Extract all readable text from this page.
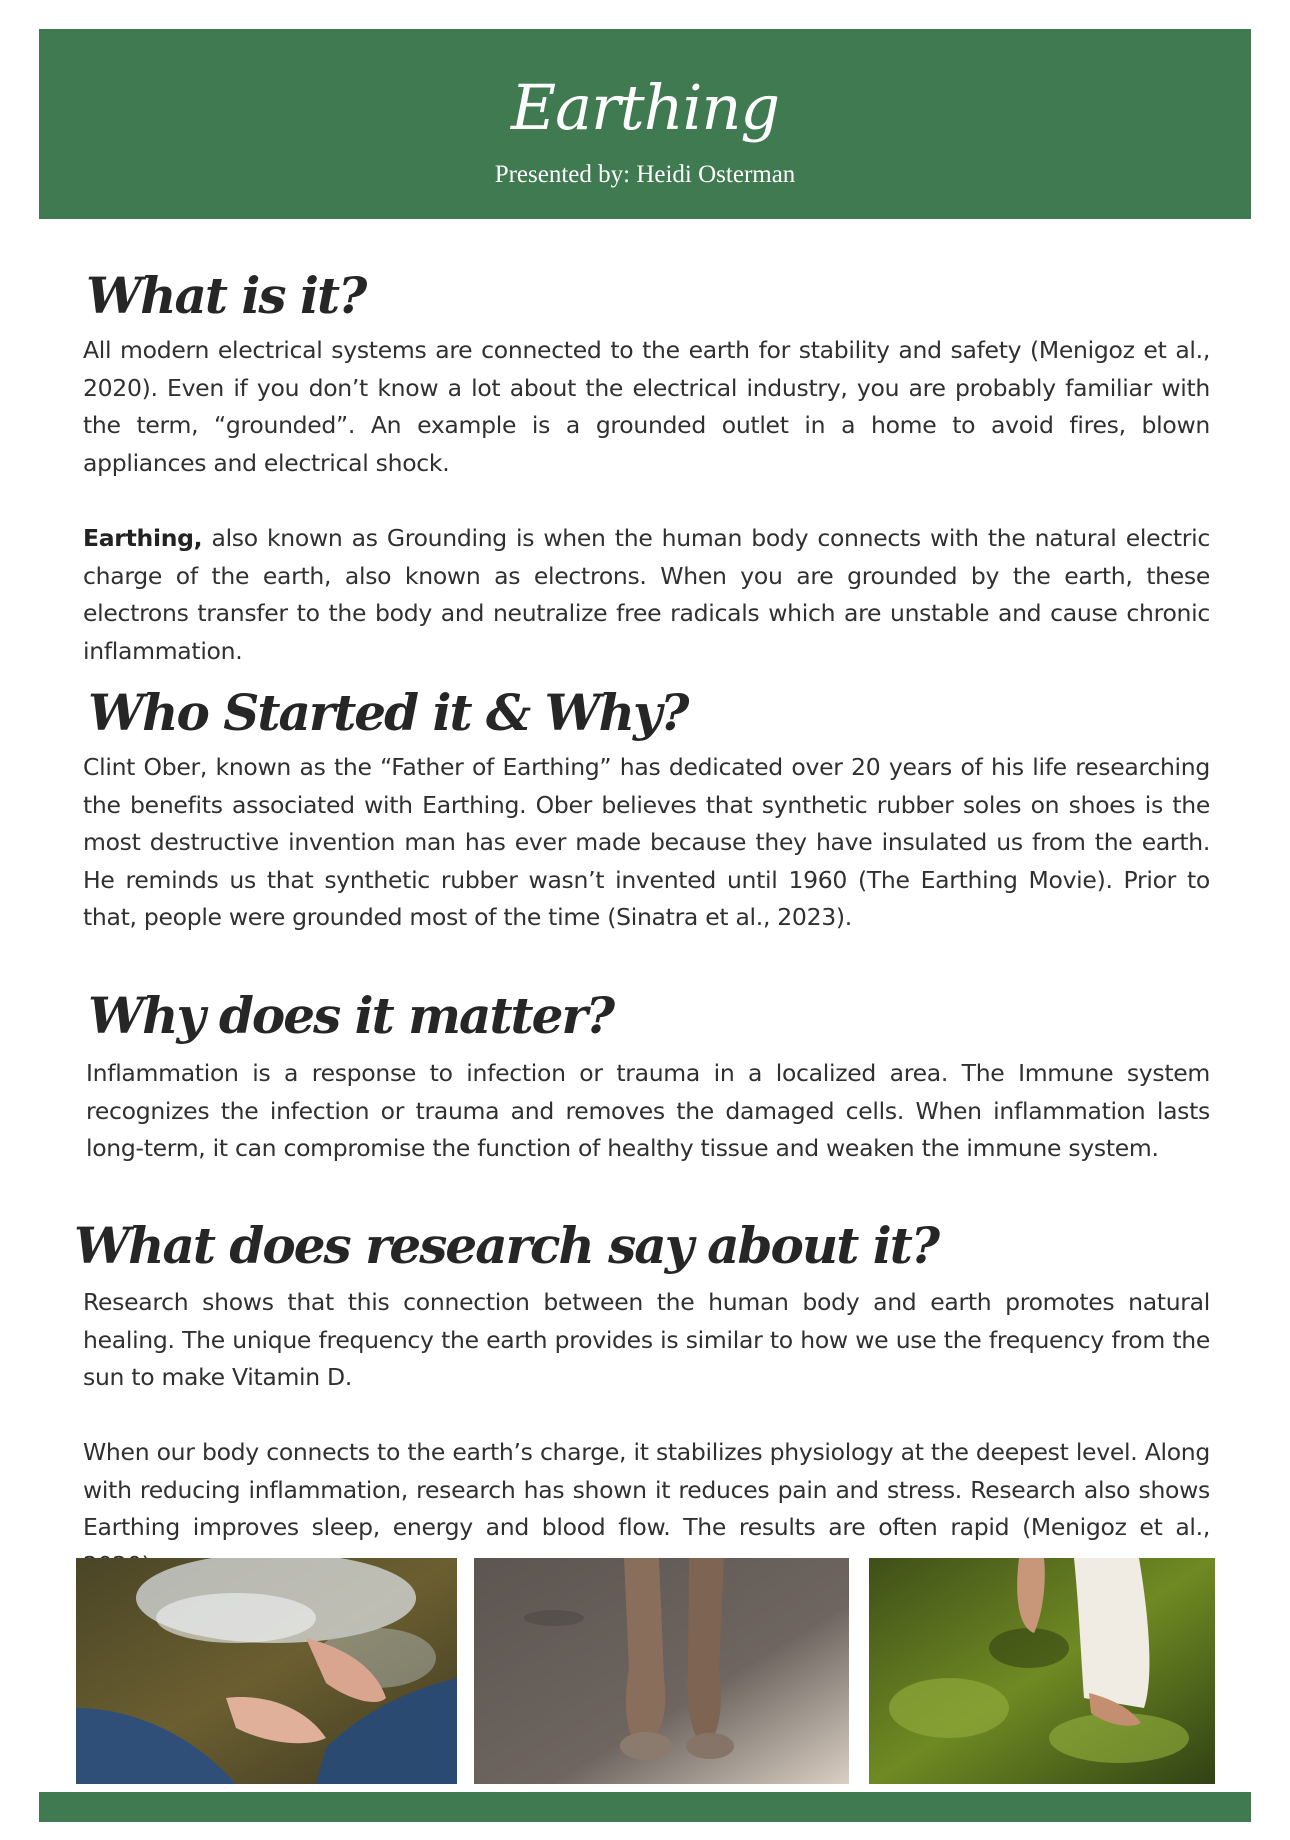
Earthing
Presented by: Heidi Osterman
What is it?

All modern electrical systems are connected to the earth for stability and safety (Menigoz et al., 2020). Even if you don’t know a lot about the electrical industry, you are probably familiar with the term, “grounded”. An example is a grounded outlet in a home to avoid fires, blown appliances and electrical shock.

Earthing, also known as Grounding is when the human body connects with the natural electric charge of the earth, also known as electrons. When you are grounded by the earth, these electrons transfer to the body and neutralize free radicals which are unstable and cause chronic inflammation.

Who Started it & Why?

Clint Ober, known as the “Father of Earthing” has dedicated over 20 years of his life researching the benefits associated with Earthing. Ober believes that synthetic rubber soles on shoes is the most destructive invention man has ever made because they have insulated us from the earth. He reminds us that synthetic rubber wasn’t invented until 1960 (The Earthing Movie). Prior to that, people were grounded most of the time (Sinatra et al., 2023).

Why does it matter?

Inflammation is a response to infection or trauma in a localized area. The Immune system recognizes the infection or trauma and removes the damaged cells. When inflammation lasts long-term, it can compromise the function of healthy tissue and weaken the immune system.

What does research say about it?

Research shows that this connection between the human body and earth promotes natural healing. The unique frequency the earth provides is similar to how we use the frequency from the sun to make Vitamin D.

When our body connects to the earth’s charge, it stabilizes physiology at the deepest level. Along with reducing inflammation, research has shown it reduces pain and stress. Research also shows Earthing improves sleep, energy and blood flow. The results are often rapid (Menigoz et al.,
